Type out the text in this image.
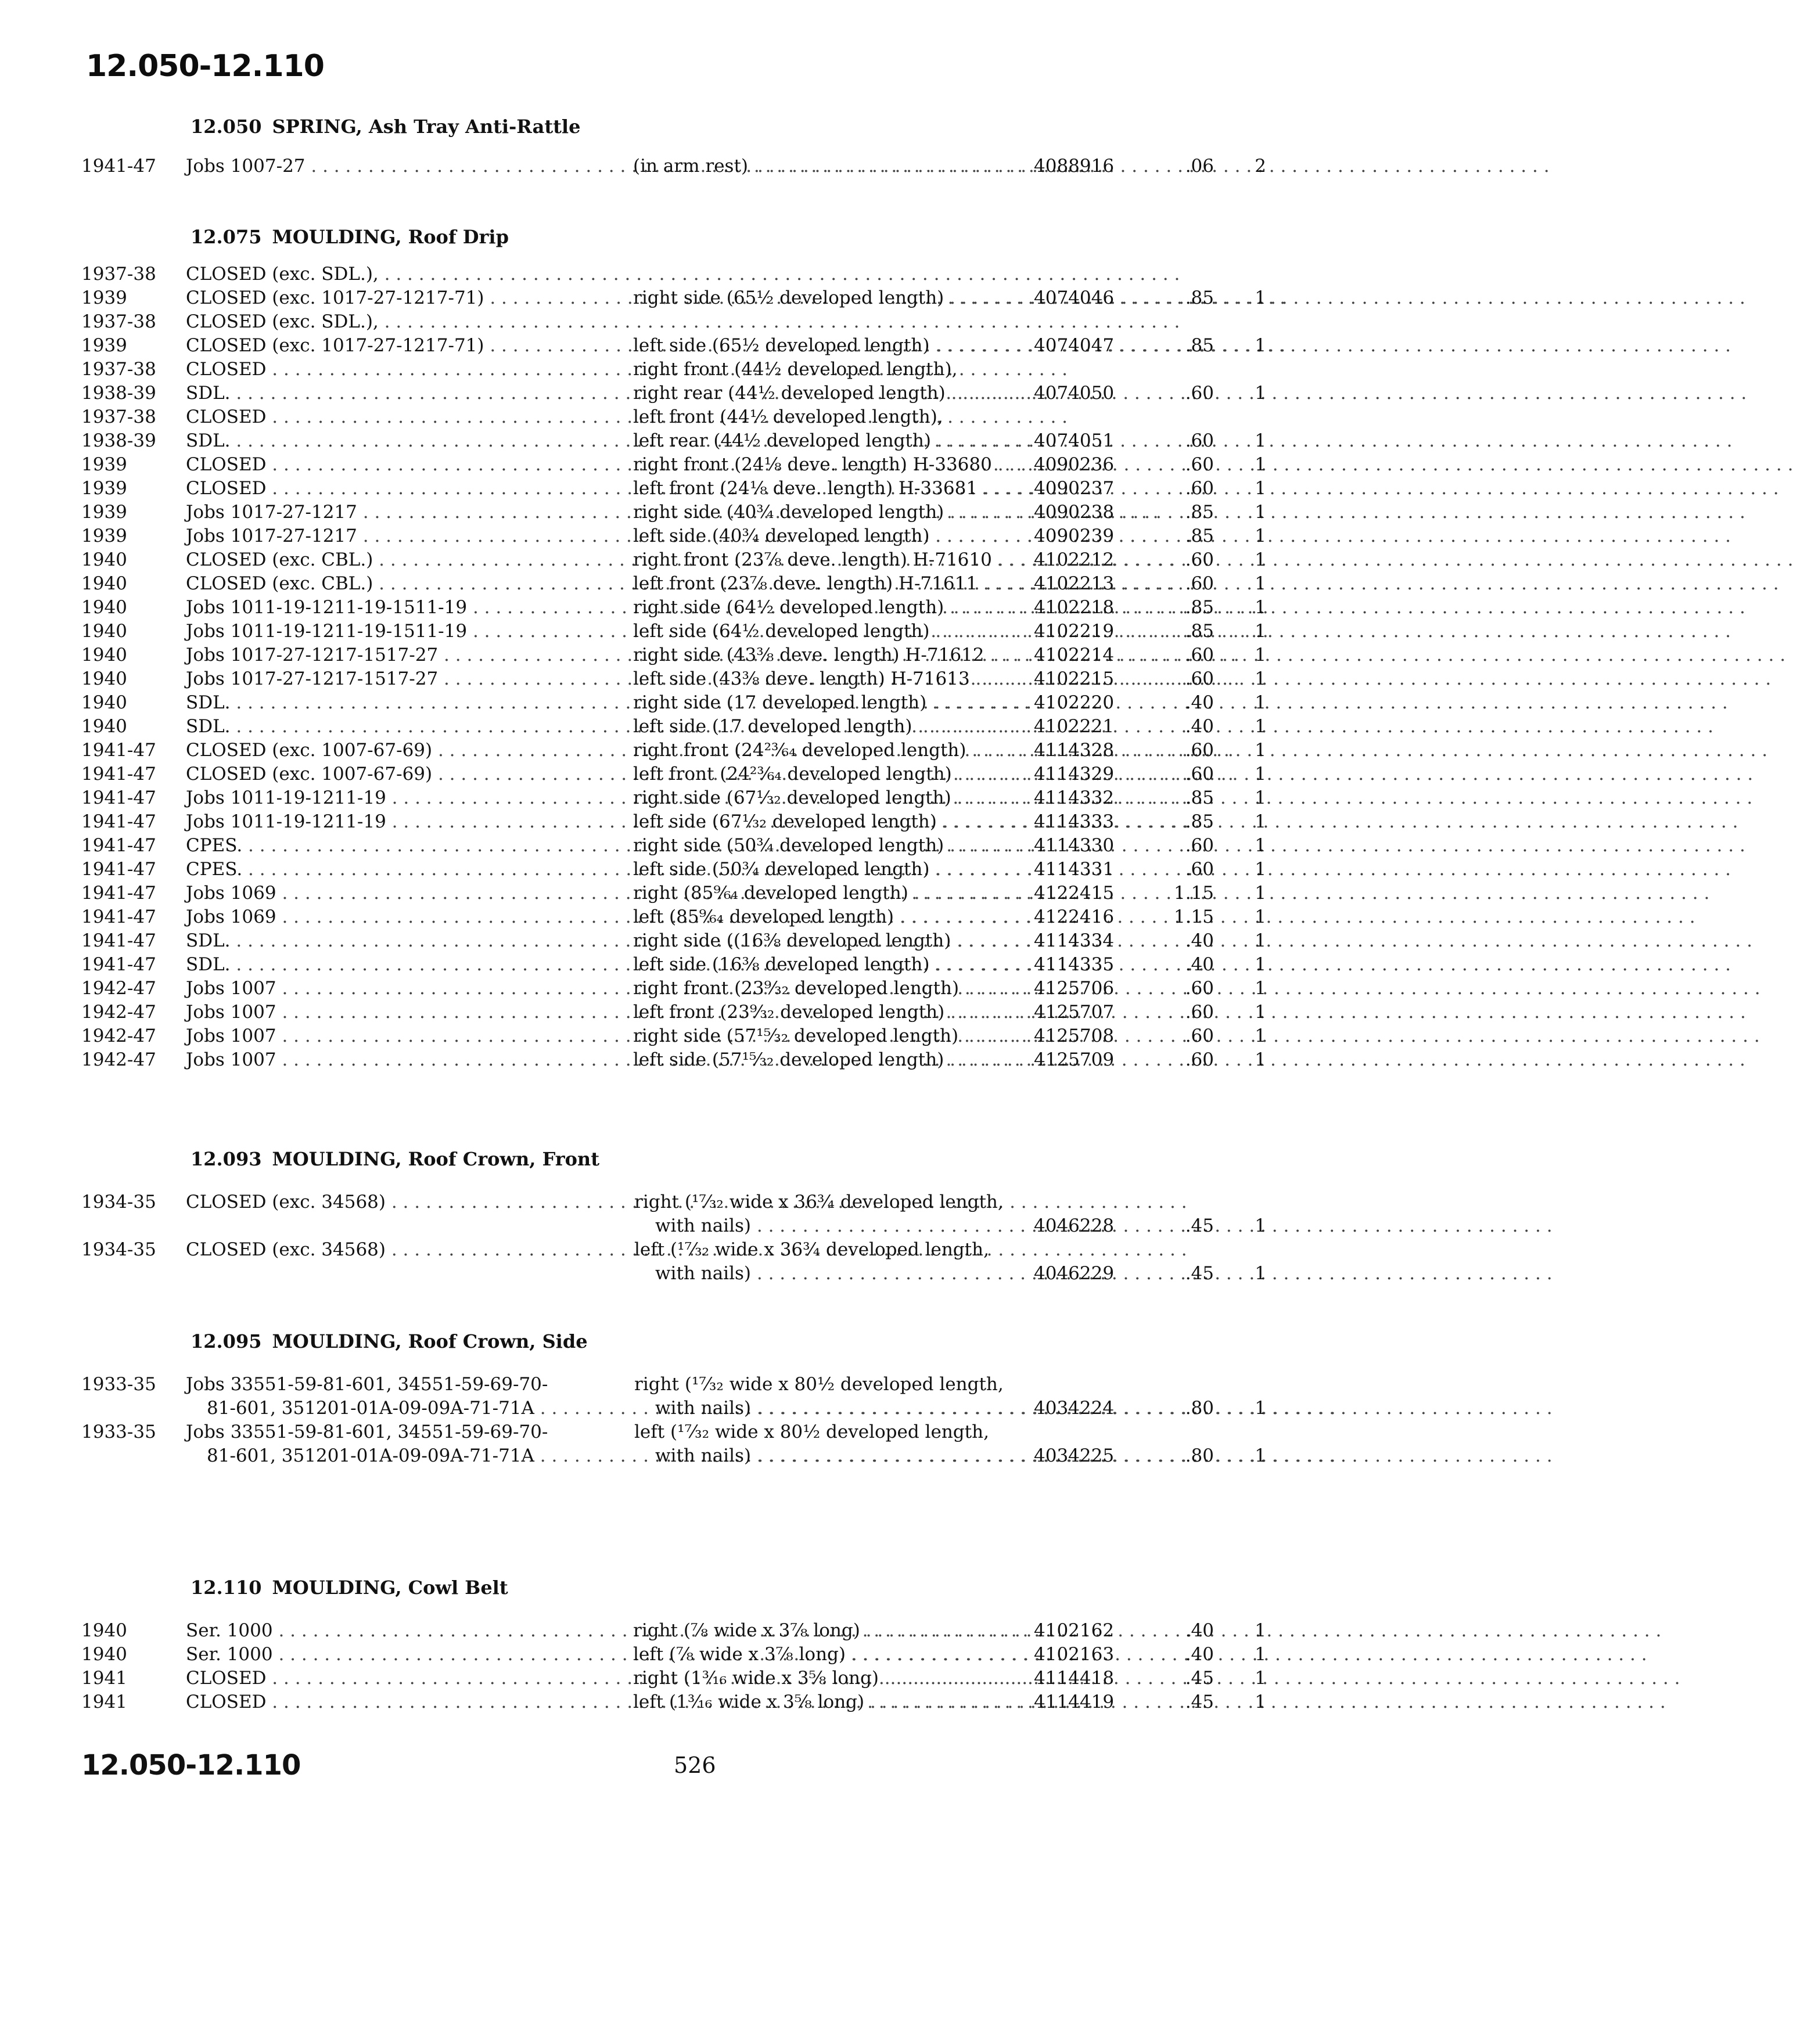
12.050-12.110
12.050 SPRING, Ash Tray Anti-Rattle
1941-47	Jobs 1007-27 . . .	(in arm rest) . . .	4088916	.06	2
12.075 MOULDING, Roof Drip
1937-38	CLOSED (exc. SDL.), . . .
1939	CLOSED (exc. 1017-27-1217-71) . . .	right side (65½ developed length) . . .	4074046	.85	1
1937-38	CLOSED (exc. SDL.), . . .
1939	CLOSED (exc. 1017-27-1217-71) . . .	left side (65½ developed length) . . .	4074047	.85	1
1937-38	CLOSED . . .	right front (44½ developed length),
1938-39	SDL. . . .	right rear (44½ developed length) . . .	4074050	.60	1
1937-38	CLOSED . . .	left front (44½ developed length),
1938-39	SDL. . . .	left rear (44½ developed length) . . .	4074051	.60	1
1939	CLOSED . . .	right front (24⅛ deve. length) H-33680 . . . 4090236	.60	1
1939	CLOSED . . .	left front (24⅛ deve. length) H-33681 . . .	4090237	.60	1
1939	Jobs 1017-27-1217 . . .	right side (40¾ developed length) . . .	4090238	.85	1
1939	Jobs 1017-27-1217 . . .	left side (40¾ developed length) . . .	4090239	.85	1
1940	CLOSED (exc. CBL.) . . .	right front (23⅞ deve. length) H-71610 . . . 4102212	.60	1
1940	CLOSED (exc. CBL.) . . .	left front (23⅞ deve. length) H-71611 . . .	4102213	.60	1
1940	Jobs 1011-19-1211-19-1511-19 . . .	right side (64½ developed length) . . .	4102218	.85	1
1940	Jobs 1011-19-1211-19-1511-19 . . .	left side (64½ developed length) . . .	4102219	.85	1
1940	Jobs 1017-27-1217-1517-27 . . .	right side (43⅜ deve. length) H-71612 . . .	4102214	.60	1
1940	Jobs 1017-27-1217-1517-27 . . .	left side (43⅜ deve. length) H-71613 . . .	4102215	.60	1
1940	SDL. . . .	right side (17 developed length) . . .	4102220	.40	1
1940	SDL. . . .	left side (17 developed length) . . .	4102221	.40	1
1941-47	CLOSED (exc. 1007-67-69) . . .	right front (24²³⁄₆₄ developed length) . . .	4114328	.60	1
1941-47	CLOSED (exc. 1007-67-69) . . .	left front (24²³⁄₆₄ developed length) . . .	4114329	.60	1
1941-47	Jobs 1011-19-1211-19 . . .	right side (67¹⁄₃₂ developed length) . . .	4114332	.85	1
1941-47	Jobs 1011-19-1211-19 . . .	left side (67¹⁄₃₂ developed length) . . .	4114333	.85	1
1941-47	CPES. . . .	right side (50¾ developed length) . . .	4114330	.60	1
1941-47	CPES. . . .	left side (50¾ developed length) . . .	4114331	.60	1
1941-47	Jobs 1069 . . .	right (85⁹⁄₆₄ developed length) . . .	4122415	1.15	1
1941-47	Jobs 1069 . . .	left (85⁹⁄₆₄ developed length) . . .	4122416	1.15	1
1941-47	SDL. . . .	right side ((16⅜ developed length) . . .	4114334	.40	1
1941-47	SDL. . . .	left side (16⅜ developed length) . . .	4114335	.40	1
1942-47	Jobs 1007 . . .	right front (23⁹⁄₃₂ developed length) . . .	4125706	.60	1
1942-47	Jobs 1007 . . .	left front (23⁹⁄₃₂ developed length) . . .	4125707	.60	1
1942-47	Jobs 1007 . . .	right side (57¹⁵⁄₃₂ developed length) . . .	4125708	.60	1
1942-47	Jobs 1007 . . .	left side (57¹⁵⁄₃₂ developed length) . . .	4125709	.60	1
12.093 MOULDING, Roof Crown, Front
1934-35	CLOSED (exc. 34568) . . .	right (¹⁷⁄₃₂ wide x 36¾ developed length,
with nails) . . .	4046228	.45	1
1934-35	CLOSED (exc. 34568) . . .	left (¹⁷⁄₃₂ wide x 36¾ developed length,
with nails) . . .	4046229	.45	1
12.095 MOULDING, Roof Crown, Side
1933-35	Jobs 33551-59-81-601, 34551-59-69-70-
81-601, 351201-01A-09-09A-71-71A . . .
right (¹⁷⁄₃₂ wide x 80½ developed length,
with nails) . . .	4034224	.80	1
1933-35	Jobs 33551-59-81-601, 34551-59-69-70-
81-601, 351201-01A-09-09A-71-71A . . .
left (¹⁷⁄₃₂ wide x 80½ developed length,
with nails) . . .	4034225	.80	1
12.110 MOULDING, Cowl Belt
1940	Ser. 1000 . . .	right (⅞ wide x 3⅞ long) . . .	4102162	.40	1
1940	Ser. 1000 . . .	left (⅞ wide x 3⅞ long) . . .	4102163	.40	1
1941	CLOSED . . .	right (1³⁄₁₆ wide x 3⅝ long) . . .	4114418	.45	1
1941	CLOSED . . .	left (1³⁄₁₆ wide x 3⅝ long) . . .	4114419	.45	1
12.050-12.110	526
